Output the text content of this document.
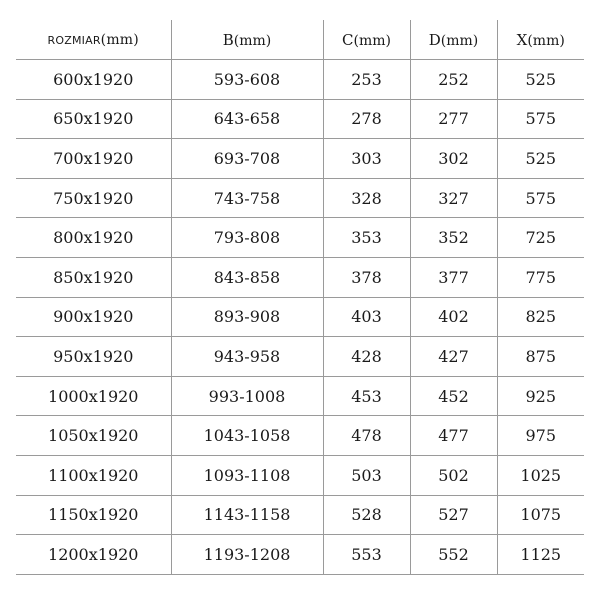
ROZMIAR(mm)	B(mm)	C(mm)	D(mm)	X(mm)
600x1920	593-608	253	252	525
650x1920	643-658	278	277	575
700x1920	693-708	303	302	525
750x1920	743-758	328	327	575
800x1920	793-808	353	352	725
850x1920	843-858	378	377	775
900x1920	893-908	403	402	825
950x1920	943-958	428	427	875
1000x1920	993-1008	453	452	925
1050x1920	1043-1058	478	477	975
1100x1920	1093-1108	503	502	1025
1150x1920	1143-1158	528	527	1075
1200x1920	1193-1208	553	552	1125
